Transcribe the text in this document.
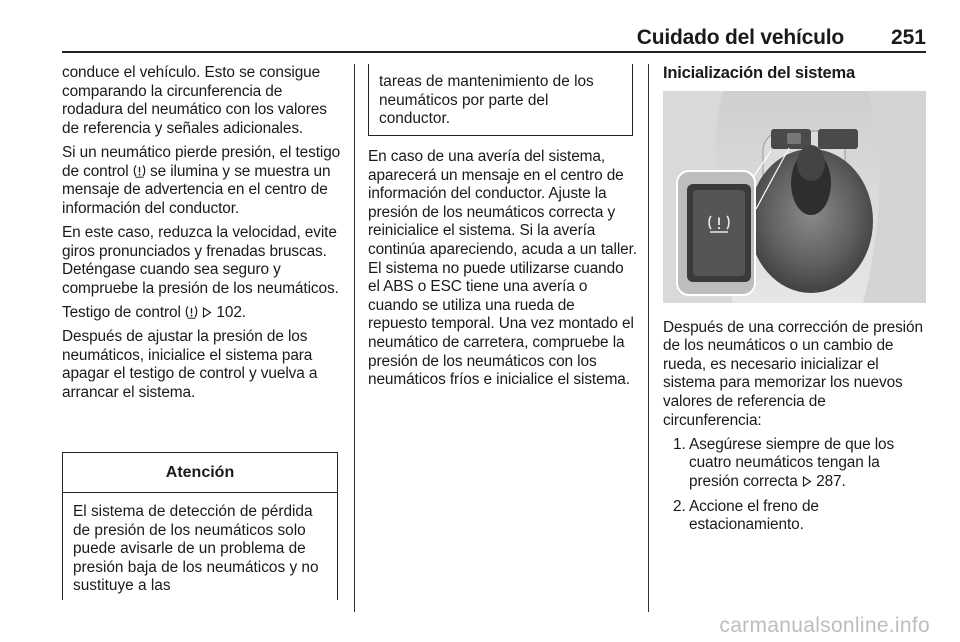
Cuidado del vehículo 251

conduce el vehículo. Esto se consigue comparando la circunferencia de rodadura del neumático con los valores de referencia y señales adicionales.

Si un neumático pierde presión, el testigo de control se ilumina y se muestra un mensaje de advertencia en el centro de información del conductor.

En este caso, reduzca la velocidad, evite giros pronunciados y frenadas bruscas. Deténgase cuando sea seguro y compruebe la presión de los neumáticos.

Testigo de control 102.

Después de ajustar la presión de los neumáticos, inicialice el sistema para apagar el testigo de control y vuelva a arrancar el sistema.

Atención
El sistema de detección de pérdida de presión de los neumáticos solo puede avisarle de un problema de presión baja de los neumáticos y no sustituye a las
En caso de una avería del sistema, aparecerá un mensaje en el centro de información del conductor. Ajuste la presión de los neumáticos correcta y reinicialice el sistema. Si la avería continúa apareciendo, acuda a un taller. El sistema no puede utilizarse cuando el ABS o ESC tiene una avería o cuando se utiliza una rueda de repuesto temporal. Una vez montado el neumático de carretera, compruebe la presión de los neumáticos con los neumáticos fríos e inicialice el sistema.
tareas de mantenimiento de los neumáticos por parte del conductor.
Inicialización del sistema

Después de una corrección de presión de los neumáticos o un cambio de rueda, es necesario inicializar el sistema para memorizar los nuevos valores de referencia de circunferencia:

1. Asegúrese siempre de que los cuatro neumáticos tengan la presión correcta 287.
2. Accione el freno de estacionamiento.
carmanualsonline.info
